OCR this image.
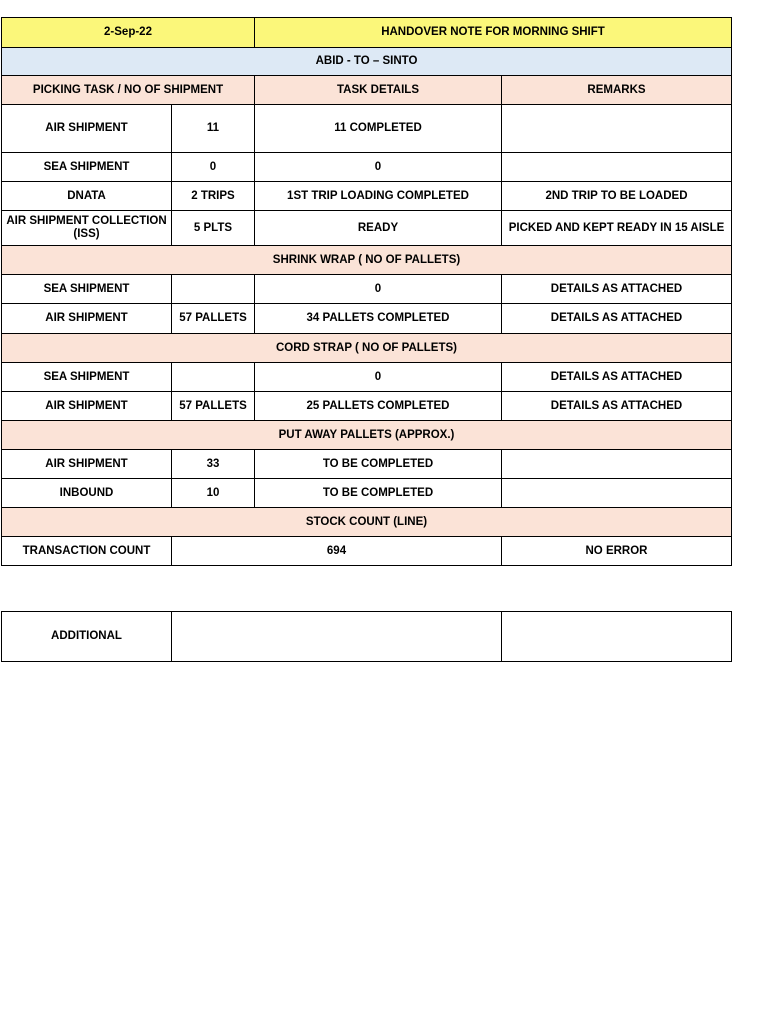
2-Sep-22		HANDOVER NOTE FOR MORNING SHIFT	
ABID - TO – SINTO			
PICKING TASK / NO OF SHIPMENT		TASK DETAILS	REMARKS
AIR SHIPMENT	11	11 COMPLETED	
SEA SHIPMENT	0	0	
DNATA	2 TRIPS	1ST TRIP LOADING COMPLETED	2ND TRIP TO BE LOADED
AIR SHIPMENT COLLECTION (ISS)	5 PLTS	READY	PICKED AND KEPT READY IN 15 AISLE
SHRINK WRAP ( NO OF PALLETS)			
SEA SHIPMENT		0	DETAILS AS ATTACHED
AIR SHIPMENT	57 PALLETS	34 PALLETS COMPLETED	DETAILS AS ATTACHED
CORD STRAP ( NO OF PALLETS)			
SEA SHIPMENT		0	DETAILS AS ATTACHED
AIR SHIPMENT	57 PALLETS	25 PALLETS COMPLETED	DETAILS AS ATTACHED
PUT AWAY PALLETS (APPROX.)			
AIR SHIPMENT	33	TO BE COMPLETED	
INBOUND	10	TO BE COMPLETED	
STOCK COUNT (LINE)			
TRANSACTION COUNT	694		NO ERROR
ADDITIONAL		
